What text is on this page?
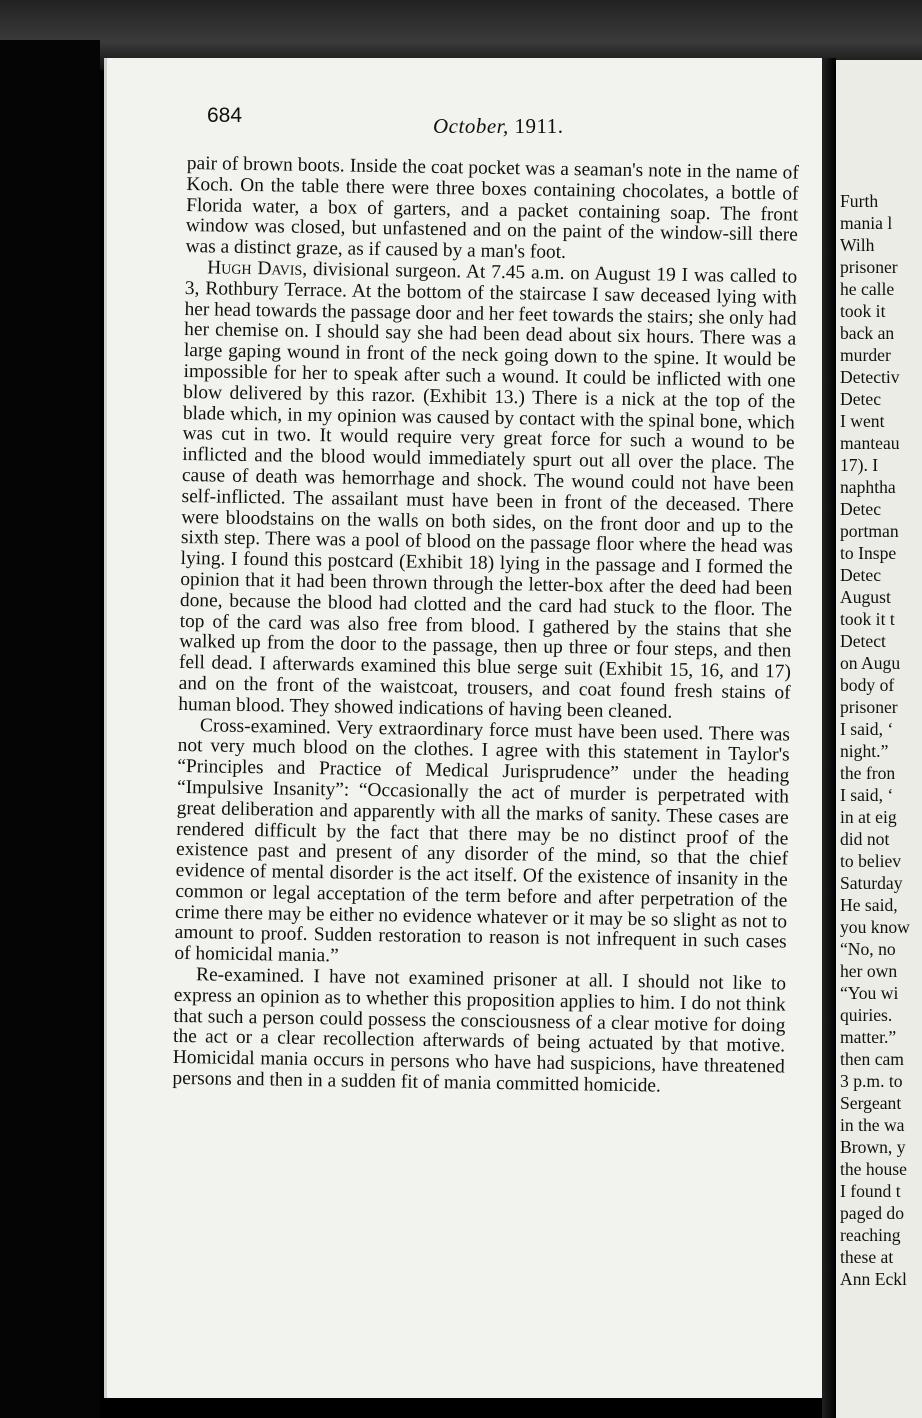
684	October, 1911.

pair of brown boots. Inside the coat pocket was a seaman's note in the name of Koch. On the table there were three boxes containing chocolates, a bottle of Florida water, a box of garters, and a packet containing soap. The front window was closed, but unfastened and on the paint of the window-sill there was a distinct graze, as if caused by a man's foot.

Hugh Davis, divisional surgeon. At 7.45 a.m. on August 19 I was called to 3, Rothbury Terrace. At the bottom of the staircase I saw deceased lying with her head towards the passage door and her feet towards the stairs; she only had her chemise on. I should say she had been dead about six hours. There was a large gaping wound in front of the neck going down to the spine. It would be impossible for her to speak after such a wound. It could be inflicted with one blow delivered by this razor. (Exhibit 13.) There is a nick at the top of the blade which, in my opinion was caused by contact with the spinal bone, which was cut in two. It would require very great force for such a wound to be inflicted and the blood would immediately spurt out all over the place. The cause of death was hemorrhage and shock. The wound could not have been self-inflicted. The assailant must have been in front of the deceased. There were bloodstains on the walls on both sides, on the front door and up to the sixth step. There was a pool of blood on the passage floor where the head was lying. I found this postcard (Exhibit 18) lying in the passage and I formed the opinion that it had been thrown through the letter-box after the deed had been done, because the blood had clotted and the card had stuck to the floor. The top of the card was also free from blood. I gathered by the stains that she walked up from the door to the passage, then up three or four steps, and then fell dead. I afterwards examined this blue serge suit (Exhibit 15, 16, and 17) and on the front of the waistcoat, trousers, and coat found fresh stains of human blood. They showed indications of having been cleaned.

Cross-examined. Very extraordinary force must have been used. There was not very much blood on the clothes. I agree with this statement in Taylor's “Principles and Practice of Medical Jurisprudence” under the heading “Impulsive Insanity”: “Occasionally the act of murder is perpetrated with great deliberation and apparently with all the marks of sanity. These cases are rendered difficult by the fact that there may be no distinct proof of the existence past and present of any disorder of the mind, so that the chief evidence of mental disorder is the act itself. Of the existence of insanity in the common or legal acceptation of the term before and after perpetration of the crime there may be either no evidence whatever or it may be so slight as not to amount to proof. Sudden restoration to reason is not infrequent in such cases of homicidal mania.”

Re-examined. I have not examined prisoner at all. I should not like to express an opinion as to whether this proposition applies to him. I do not think that such a person could possess the consciousness of a clear motive for doing the act or a clear recollection afterwards of being actuated by that motive. Homicidal mania occurs in persons who have had suspicions, have threatened persons and then in a sudden fit of mania committed homicide.

Furth
mania l
Wilh
prisoner
he calle
took it
back an
murder
Detectiv
Detec
I went
manteau
17). I
naphtha
Detec
portman
to Inspe
Detec
August
took it t
Detect
on Augu
body of
prisoner
I said, ‘
night.”
the fron
I said, ‘
in at eig
did not
to believ
Saturday
He said,
you know
“No, no
her own
“You wi
quiries.
matter.”
then cam
3 p.m. to
Sergeant
in the wa
Brown, y
the house
I found t
paged do
reaching
these at
Ann Eckl
